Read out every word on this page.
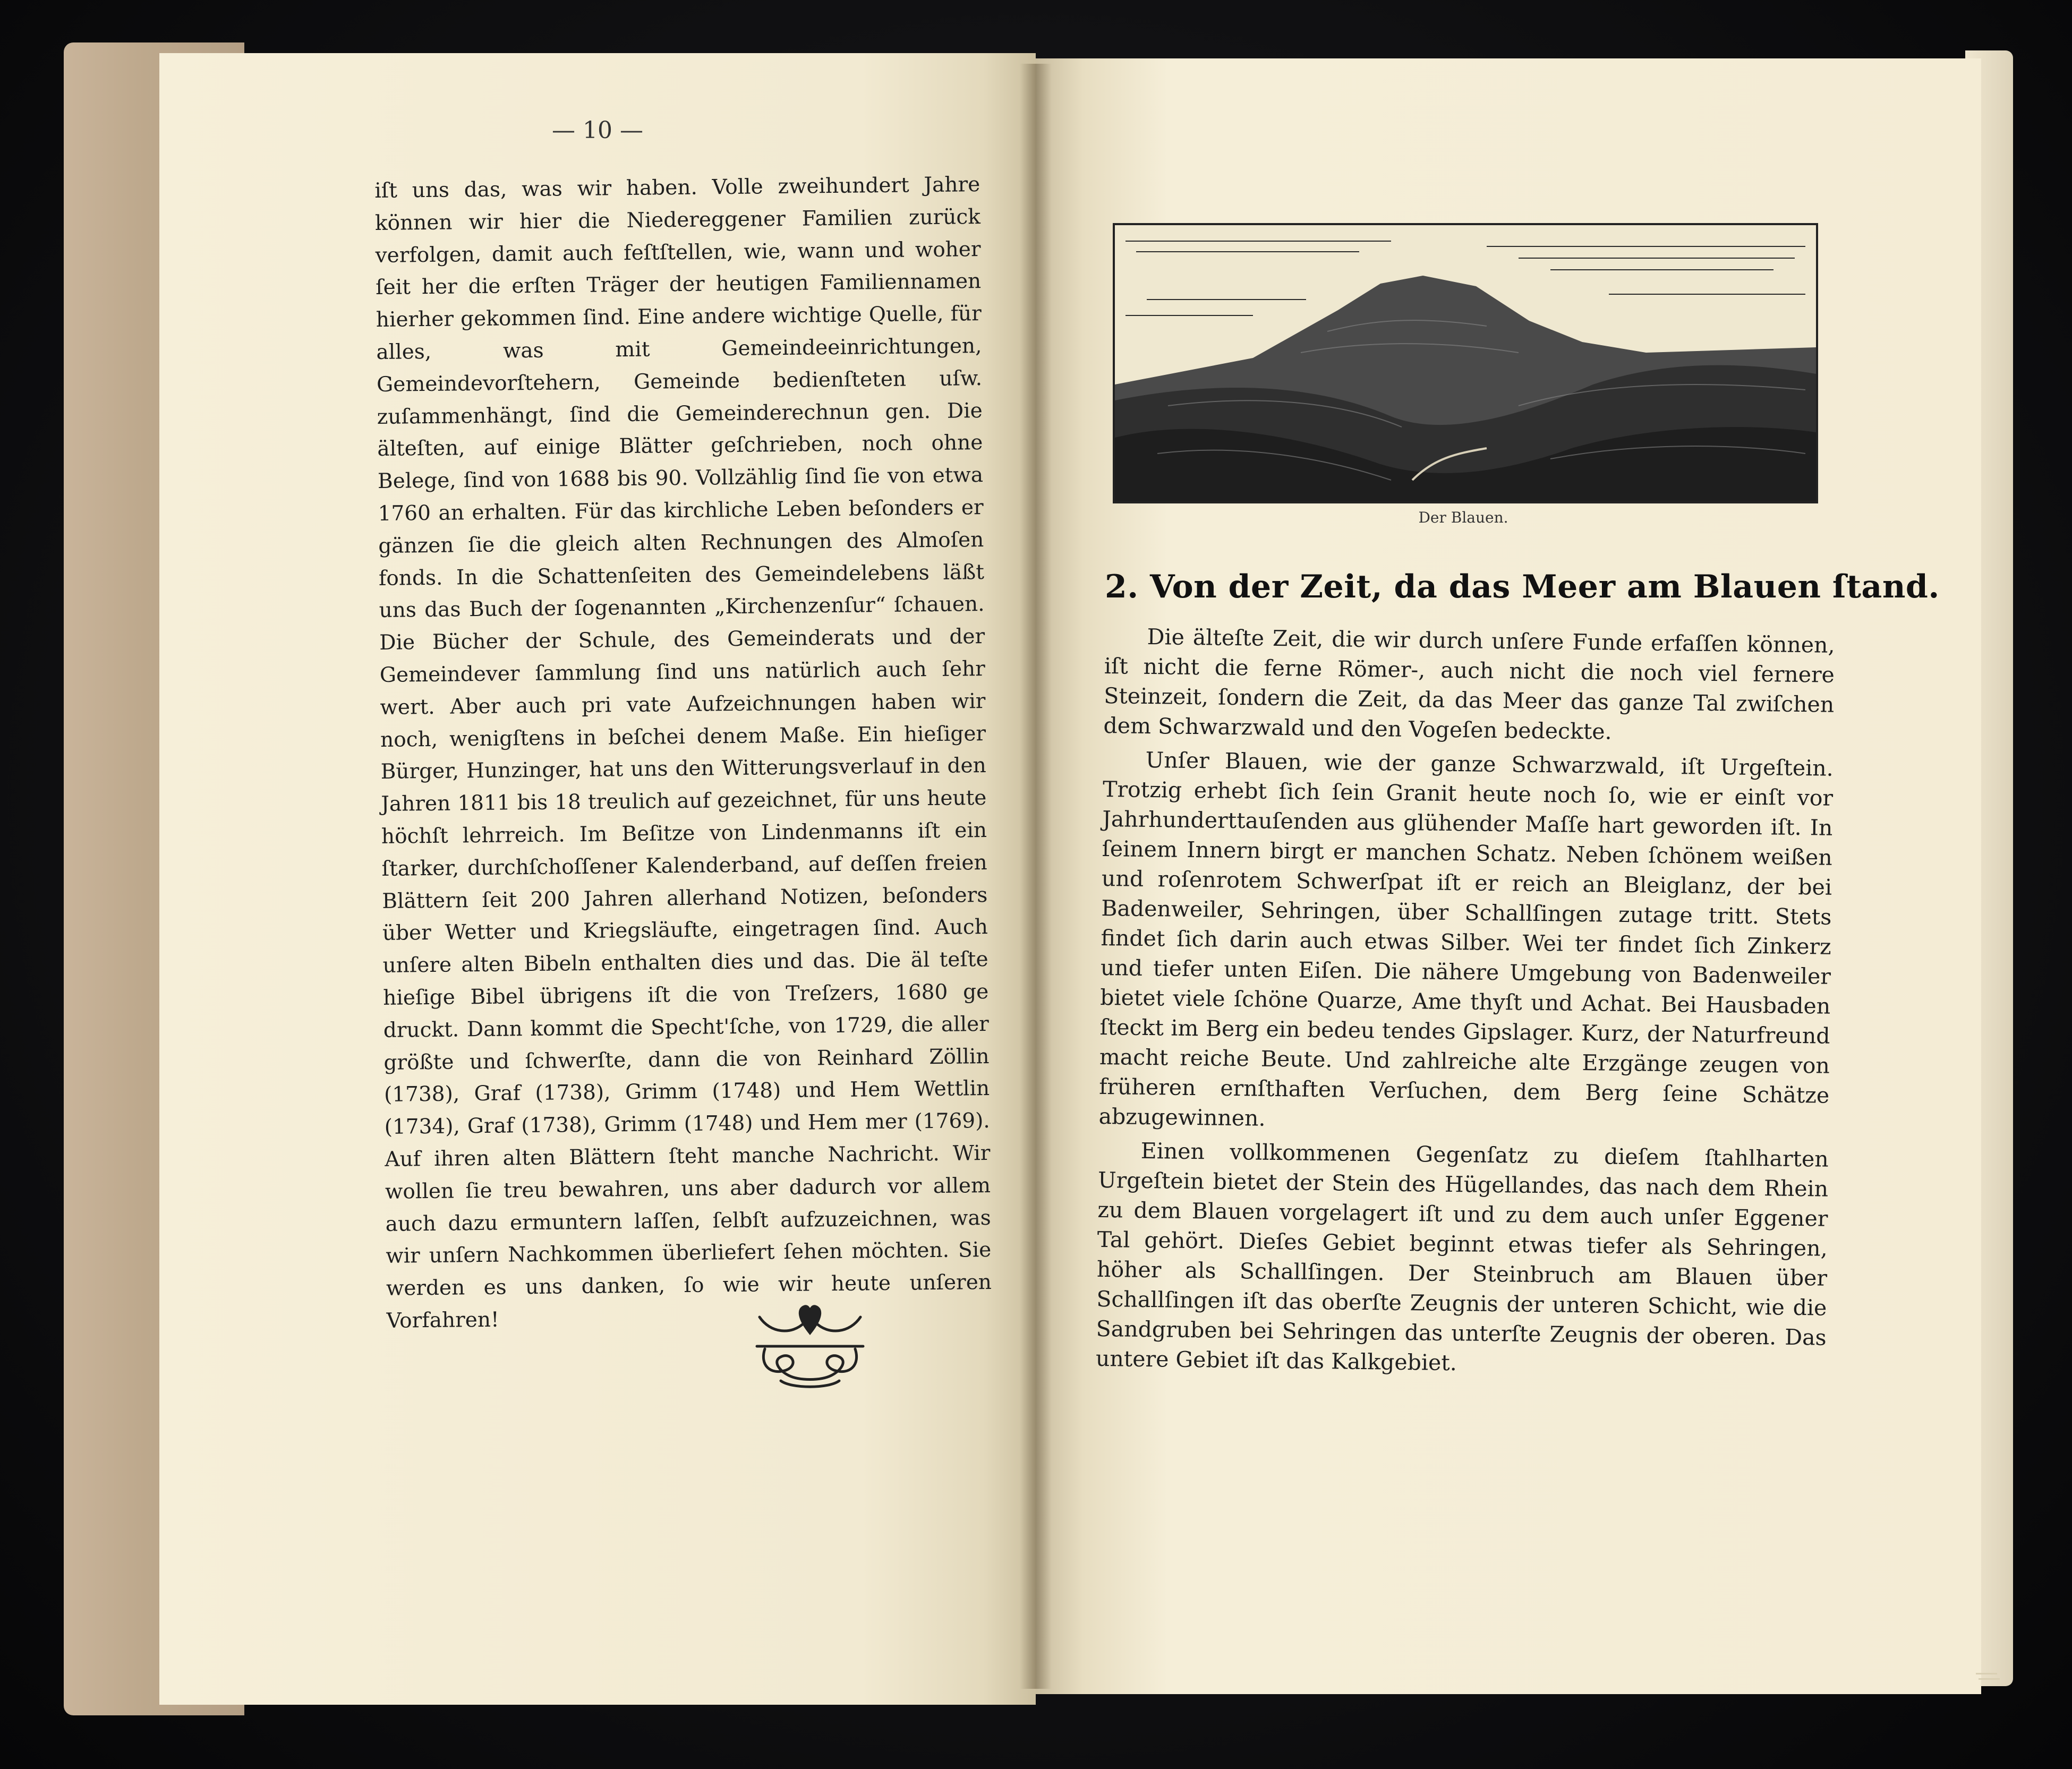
— 10 —

iſt uns das, was wir haben. Volle zweihundert Jahre können wir hier die Niedereggener Familien zurück verfolgen, damit auch feſtſtellen, wie, wann und woher ſeit her die erſten Träger der heutigen Familiennamen hierher gekommen ſind. Eine andere wichtige Quelle, für alles, was mit Gemeindeeinrichtungen, Gemeindevorſtehern, Gemeinde bedienſteten uſw. zuſammenhängt, ſind die Gemeinderechnun gen. Die älteſten, auf einige Blätter geſchrieben, noch ohne Belege, ſind von 1688 bis 90. Vollzählig ſind ſie von etwa 1760 an erhalten. Für das kirchliche Leben beſonders er gänzen ſie die gleich alten Rechnungen des Almoſen fonds. In die Schattenſeiten des Gemeindelebens läßt uns das Buch der ſogenannten „Kirchenzenſur“ ſchauen. Die Bücher der Schule, des Gemeinderats und der Gemeindever ſammlung ſind uns natürlich auch ſehr wert. Aber auch pri vate Aufzeichnungen haben wir noch, wenigſtens in beſchei denem Maße. Ein hieſiger Bürger, Hunzinger, hat uns den Witterungsverlauf in den Jahren 1811 bis 18 treulich auf gezeichnet, für uns heute höchſt lehrreich. Im Beſitze von Lindenmanns iſt ein ſtarker, durchſchoſſener Kalenderband, auf deſſen freien Blättern ſeit 200 Jahren allerhand Notizen, beſonders über Wetter und Kriegsläufte, eingetragen ſind. Auch unſere alten Bibeln enthalten dies und das. Die äl teſte hieſige Bibel übrigens iſt die von Treſzers, 1680 ge druckt. Dann kommt die Specht'ſche, von 1729, die aller größte und ſchwerſte, dann die von Reinhard Zöllin (1738), Graf (1738), Grimm (1748) und Hem Wettlin (1734), Graf (1738), Grimm (1748) und Hem mer (1769). Auf ihren alten Blättern ſteht manche Nachricht. Wir wollen ſie treu bewahren, uns aber dadurch vor allem auch dazu ermuntern laſſen, ſelbſt aufzuzeichnen, was wir unſern Nachkommen überliefert ſehen möchten. Sie werden es uns danken, ſo wie wir heute unſeren Vorfahren!

Der Blauen.
2. Von der Zeit, da das Meer am Blauen ſtand.

Die älteſte Zeit, die wir durch unſere Funde erfaſſen können, iſt nicht die ferne Römer-, auch nicht die noch viel fernere Steinzeit, ſondern die Zeit, da das Meer das ganze Tal zwiſchen dem Schwarzwald und den Vogeſen bedeckte.

Unſer Blauen, wie der ganze Schwarzwald, iſt Urgeſtein. Trotzig erhebt ſich ſein Granit heute noch ſo, wie er einſt vor Jahrhunderttauſenden aus glühender Maſſe hart geworden iſt. In ſeinem Innern birgt er manchen Schatz. Neben ſchönem weißen und roſenrotem Schwerſpat iſt er reich an Bleiglanz, der bei Badenweiler, Sehringen, über Schallſingen zutage tritt. Stets findet ſich darin auch etwas Silber. Wei ter findet ſich Zinkerz und tiefer unten Eiſen. Die nähere Umgebung von Badenweiler bietet viele ſchöne Quarze, Ame thyſt und Achat. Bei Hausbaden ſteckt im Berg ein bedeu tendes Gipslager. Kurz, der Naturfreund macht reiche Beute. Und zahlreiche alte Erzgänge zeugen von früheren ernſthaften Verſuchen, dem Berg ſeine Schätze abzugewinnen.

Einen vollkommenen Gegenſatz zu dieſem ſtahlharten Urgeſtein bietet der Stein des Hügellandes, das nach dem Rhein zu dem Blauen vorgelagert iſt und zu dem auch unſer Eggener Tal gehört. Dieſes Gebiet beginnt etwas tiefer als Sehringen, höher als Schallſingen. Der Steinbruch am Blauen über Schallſingen iſt das oberſte Zeugnis der unteren Schicht, wie die Sandgruben bei Sehringen das unterſte Zeugnis der oberen. Das untere Gebiet iſt das Kalkgebiet.
